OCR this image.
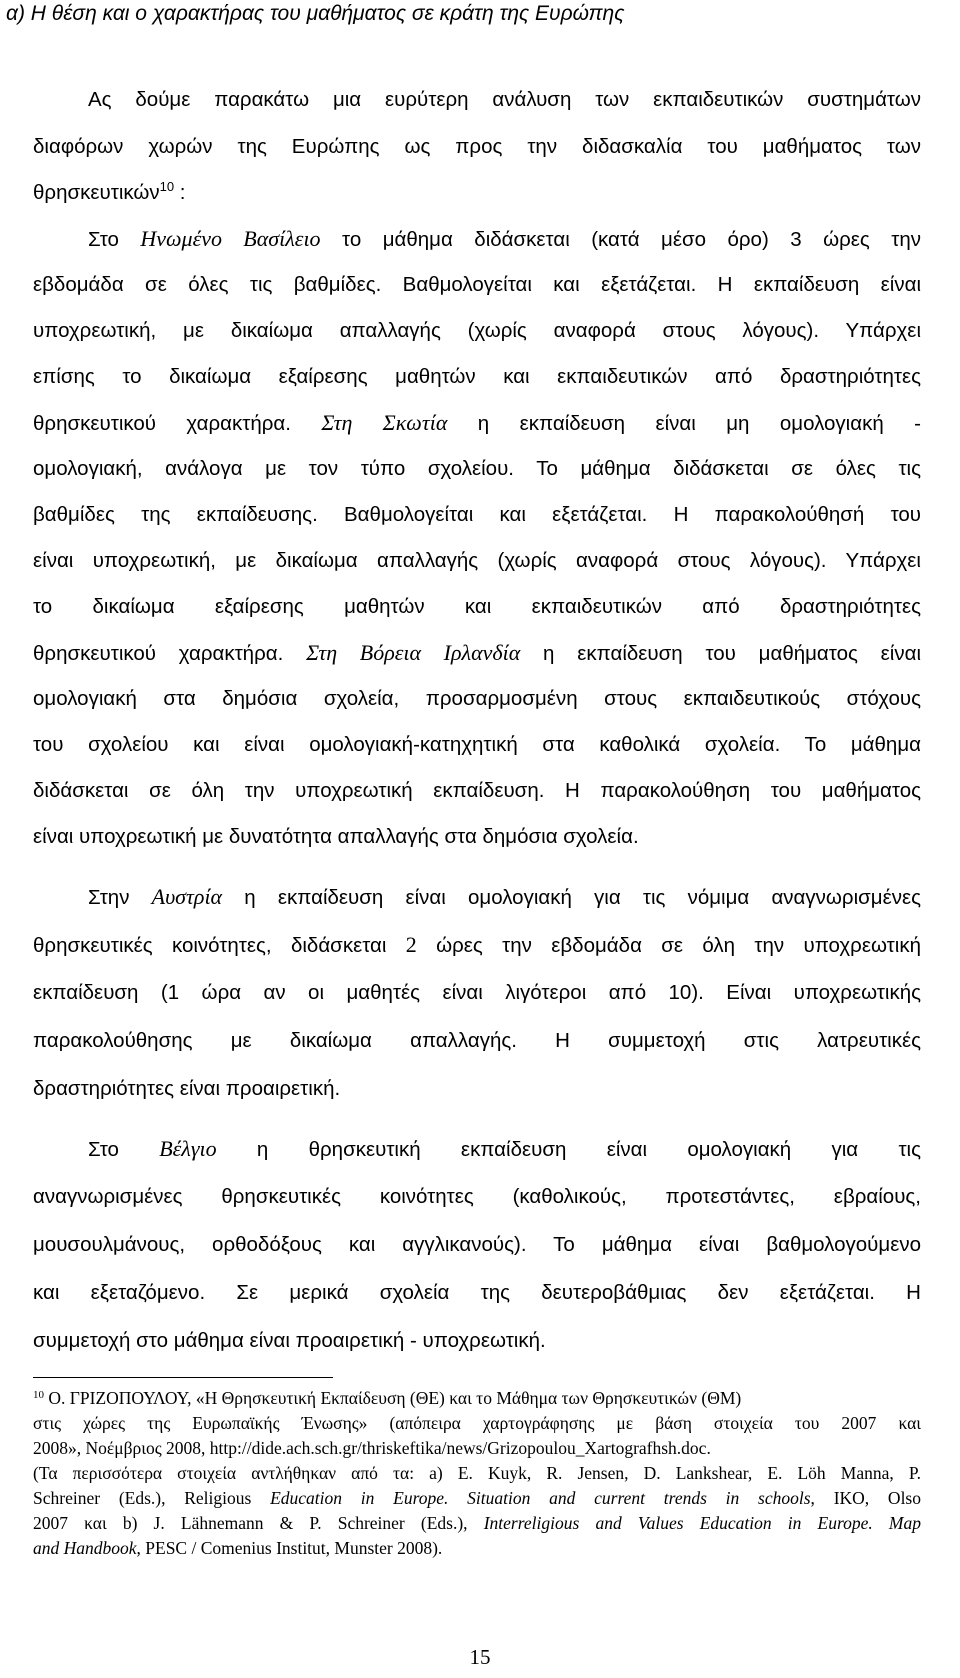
α) Η θέση και ο χαρακτήρας του μαθήματος σε κράτη της Ευρώπης
Ας δούμε παρακάτω μια ευρύτερη ανάλυση των εκπαιδευτικών συστημάτων
διαφόρων χωρών της Ευρώπης ως προς την διδασκαλία του μαθήματος των
θρησκευτικών$^{10}$ :
Στο Ηνωμένο Βασίλειο το μάθημα διδάσκεται (κατά μέσο όρο) 3 ώρες την
εβδομάδα σε όλες τις βαθμίδες. Βαθμολογείται και εξετάζεται. Η εκπαίδευση είναι
υποχρεωτική, με δικαίωμα απαλλαγής (χωρίς αναφορά στους λόγους). Υπάρχει
επίσης το δικαίωμα εξαίρεσης μαθητών και εκπαιδευτικών από δραστηριότητες
θρησκευτικού χαρακτήρα. Στη Σκωτία η εκπαίδευση είναι μη ομολογιακή -
ομολογιακή, ανάλογα με τον τύπο σχολείου. Το μάθημα διδάσκεται σε όλες τις
βαθμίδες της εκπαίδευσης. Βαθμολογείται και εξετάζεται. Η παρακολούθησή του
είναι υποχρεωτική, με δικαίωμα απαλλαγής (χωρίς αναφορά στους λόγους). Υπάρχει
το δικαίωμα εξαίρεσης μαθητών και εκπαιδευτικών από δραστηριότητες
θρησκευτικού χαρακτήρα. Στη Βόρεια Ιρλανδία η εκπαίδευση του μαθήματος είναι
ομολογιακή στα δημόσια σχολεία, προσαρμοσμένη στους εκπαιδευτικούς στόχους
του σχολείου και είναι ομολογιακή-κατηχητική στα καθολικά σχολεία. Το μάθημα
διδάσκεται σε όλη την υποχρεωτική εκπαίδευση. Η παρακολούθηση του μαθήματος
είναι υποχρεωτική με δυνατότητα απαλλαγής στα δημόσια σχολεία.
Στην Αυστρία η εκπαίδευση είναι ομολογιακή για τις νόμιμα αναγνωρισμένες
θρησκευτικές κοινότητες, διδάσκεται 2 ώρες την εβδομάδα σε όλη την υποχρεωτική
εκπαίδευση (1 ώρα αν οι μαθητές είναι λιγότεροι από 10). Είναι υποχρεωτικής
παρακολούθησης με δικαίωμα απαλλαγής. Η συμμετοχή στις λατρευτικές
δραστηριότητες είναι προαιρετική.
Στο Βέλγιο η θρησκευτική εκπαίδευση είναι ομολογιακή για τις
αναγνωρισμένες θρησκευτικές κοινότητες (καθολικούς, προτεστάντες, εβραίους,
μουσουλμάνους, ορθοδόξους και αγγλικανούς). Το μάθημα είναι βαθμολογούμενο
και εξεταζόμενο. Σε μερικά σχολεία της δευτεροβάθμιας δεν εξετάζεται. Η
συμμετοχή στο μάθημα είναι προαιρετική - υποχρεωτική.
$^{10}$ Ο. ΓΡΙΖΟΠΟΥΛΟΥ, «Η Θρησκευτική Εκπαίδευση (ΘΕ) και το Μάθημα των Θρησκευτικών (ΘΜ)
στις χώρες της Ευρωπαϊκής Ένωσης» (απόπειρα χαρτογράφησης με βάση στοιχεία του 2007 και
2008», Νοέμβριος 2008, http://dide.ach.sch.gr/thriskeftika/news/Grizopoulou_Xartografhsh.doc.
(Τα περισσότερα στοιχεία αντλήθηκαν από τα: a) E. Kuyk, R. Jensen, D. Lankshear, E. Löh Manna, P.
Schreiner (Eds.), Religious Education in Europe. Situation and current trends in schools, IKO, Olso
2007 και b) J. Lähnemann & P. Schreiner (Eds.), Interreligious and Values Education in Europe. Map
and Handbook, PESC / Comenius Institut, Munster 2008).
15
